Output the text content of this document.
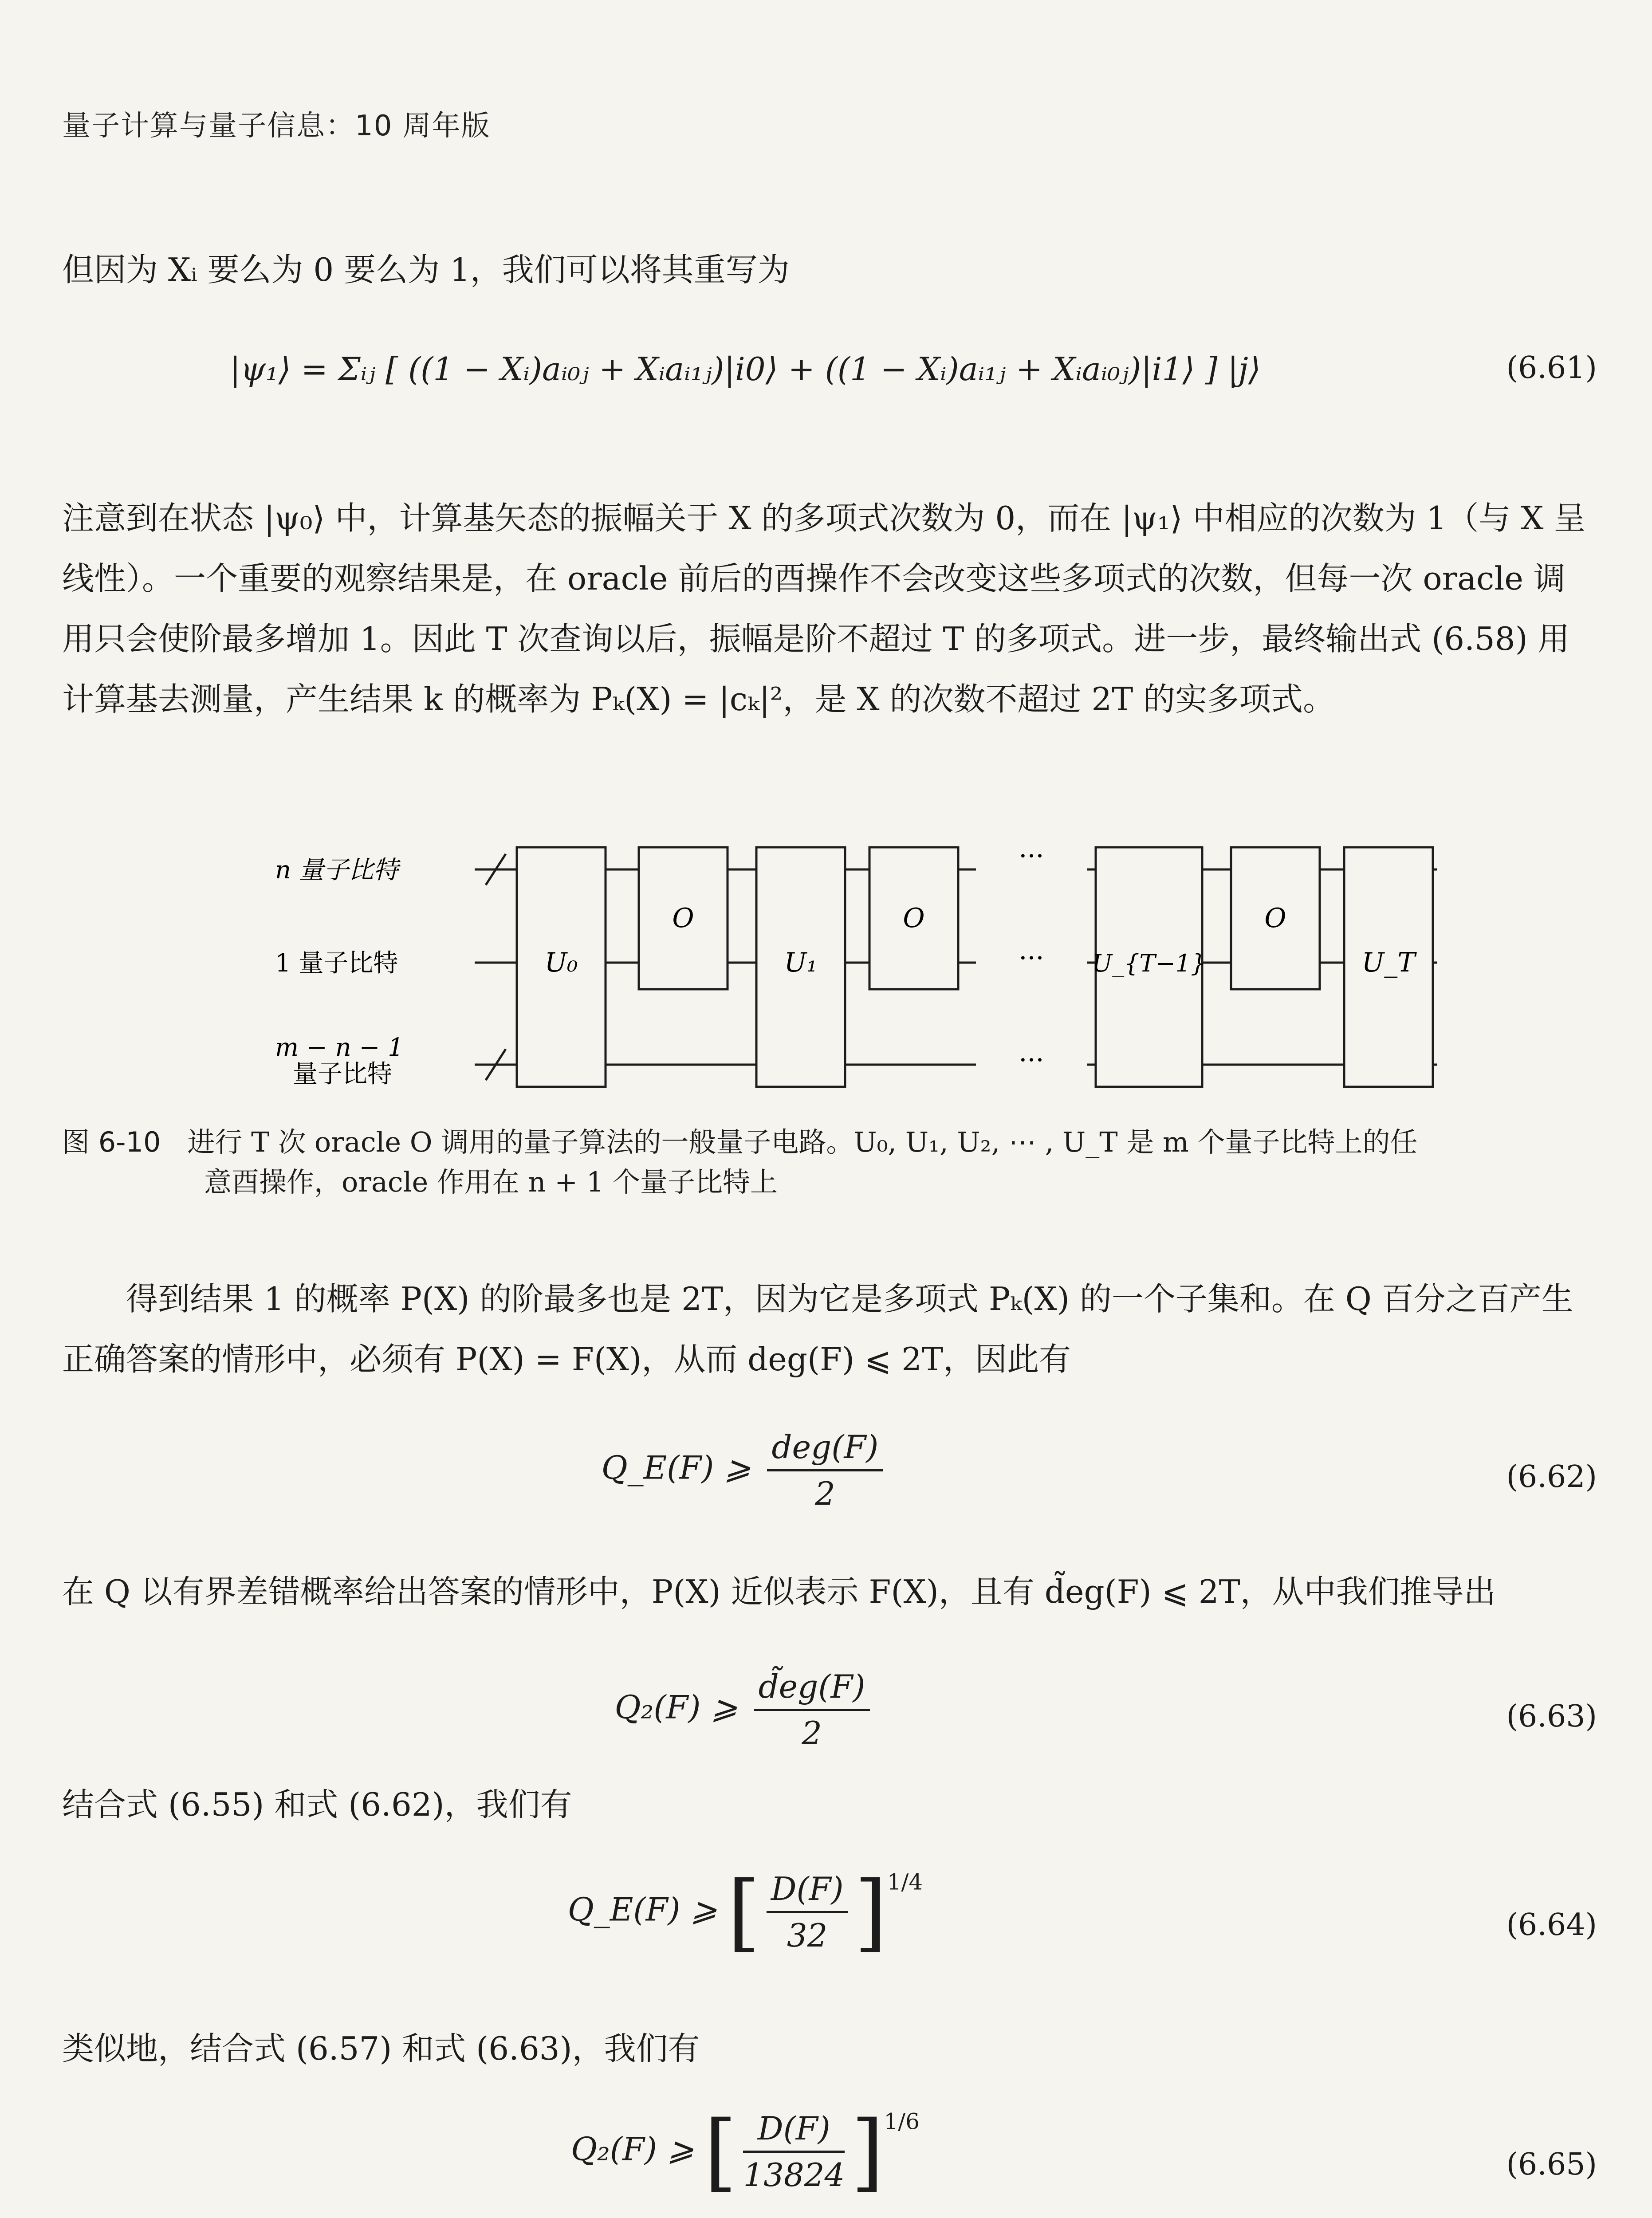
量子计算与量子信息：10 周年版
但因为 Xᵢ 要么为 0 要么为 1，我们可以将其重写为
|ψ₁⟩ = Σᵢⱼ [ ((1 − Xᵢ)aᵢ₀ⱼ + Xᵢaᵢ₁ⱼ)|i0⟩ + ((1 − Xᵢ)aᵢ₁ⱼ + Xᵢaᵢ₀ⱼ)|i1⟩ ] |j⟩	(6.61)
注意到在状态 |ψ₀⟩ 中，计算基矢态的振幅关于 X 的多项式次数为 0，而在 |ψ₁⟩ 中相应的次数为 1（与 X 呈线性）。一个重要的观察结果是，在 oracle 前后的酉操作不会改变这些多项式的次数，但每一次 oracle 调用只会使阶最多增加 1。因此 T 次查询以后，振幅是阶不超过 T 的多项式。进一步，最终输出式 (6.58) 用计算基去测量，产生结果 k 的概率为 Pₖ(X) = |cₖ|²，是 X 的次数不超过 2T 的实多项式。
n 量子比特
1 量子比特
m − n − 1
量子比特
U₀
O
U₁
O
U_{T−1}
O
U_T
···
···
···
图 6-10 进行 T 次 oracle O 调用的量子算法的一般量子电路。U₀, U₁, U₂, ⋯ , U_T 是 m 个量子比特上的任
意酉操作，oracle 作用在 n + 1 个量子比特上
得到结果 1 的概率 P(X) 的阶最多也是 2T，因为它是多项式 Pₖ(X) 的一个子集和。在 Q 百分之百产生正确答案的情形中，必须有 P(X) = F(X)，从而 deg(F) ⩽ 2T，因此有
Q_E(F) ⩾ $\frac{\text{deg(F)}}{2}$	(6.62)
在 Q 以有界差错概率给出答案的情形中，P(X) 近似表示 F(X)，且有 d̃eg(F) ⩽ 2T，从中我们推导出
Q₂(F) ⩾ $\frac{d̃eg(F)}{2}$	(6.63)
结合式 (6.55) 和式 (6.62)，我们有
Q_E(F) ⩾ [ $\frac{D(F)}{32} ]^{1/4}$
(6.64)
类似地，结合式 (6.57) 和式 (6.63)，我们有
Q₂(F) ⩾ [ $\frac{D(F)}{13824} ]^{1/6}$
(6.65)
